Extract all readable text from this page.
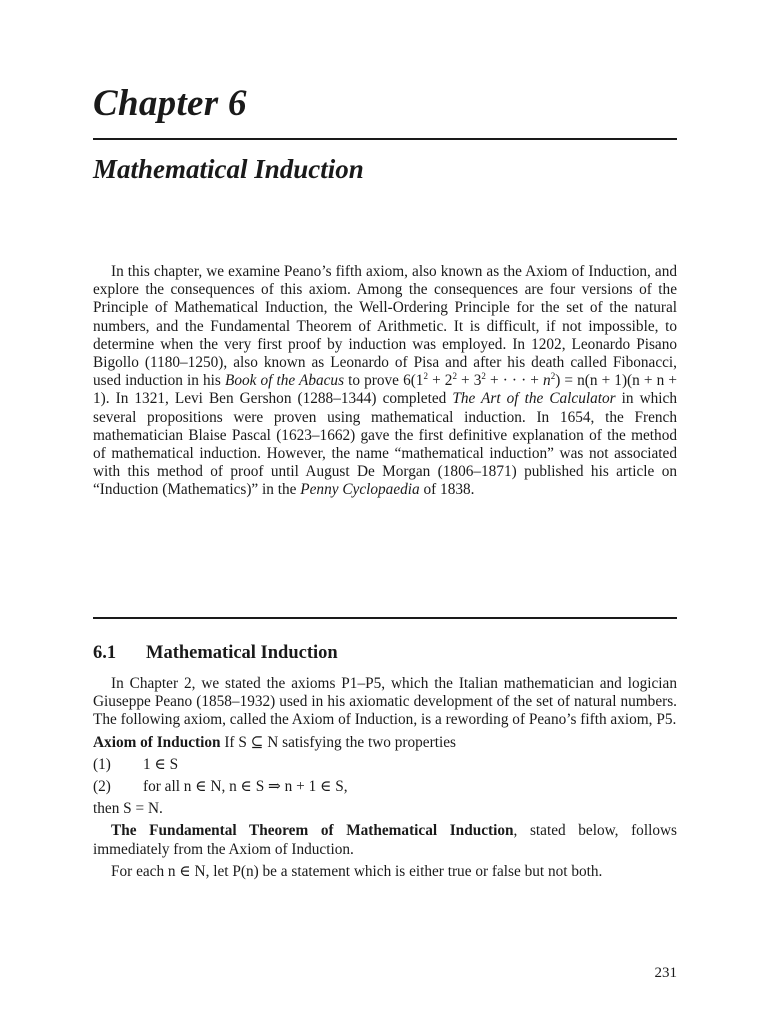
Chapter 6
Mathematical Induction

In this chapter, we examine Peano’s fifth axiom, also known as the Axiom of Induction, and explore the consequences of this axiom. Among the consequences are four versions of the Principle of Mathematical Induction, the Well-Ordering Principle for the set of the natural numbers, and the Fundamental Theorem of Arithmetic. It is difficult, if not impossible, to determine when the very first proof by induction was employed. In 1202, Leonardo Pisano Bigollo (1180–1250), also known as Leonardo of Pisa and after his death called Fibonacci, used induction in his Book of the Abacus to prove $6(1^2 + 2^2 + 3^2$ + · · · + $n^2) = n(n + 1)(n + n + 1)$. In 1321, Levi Ben Gershon (1288–1344) completed The Art of the Calculator in which several propositions were proven using mathematical induction. In 1654, the French mathematician Blaise Pascal (1623–1662) gave the first definitive explanation of the method of mathematical induction. However, the name “mathematical induction” was not associated with this method of proof until August De Morgan (1806–1871) published his article on “Induction (Mathematics)” in the Penny Cyclopaedia of 1838.

6.1 Mathematical Induction

In Chapter 2, we stated the axioms P1–P5, which the Italian mathematician and logician Giuseppe Peano (1858–1932) used in his axiomatic development of the set of natural numbers. The following axiom, called the Axiom of Induction, is a rewording of Peano’s fifth axiom, P5.

Axiom of Induction If S ⊆ N satisfying the two properties

(1) 1 ∈ S
(2) for all n ∈ N, n ∈ S ⇒ n + 1 ∈ S,

then S = N.

The Fundamental Theorem of Mathematical Induction, stated below, follows immediately from the Axiom of Induction.

For each n ∈ N, let P(n) be a statement which is either true or false but not both.

231
